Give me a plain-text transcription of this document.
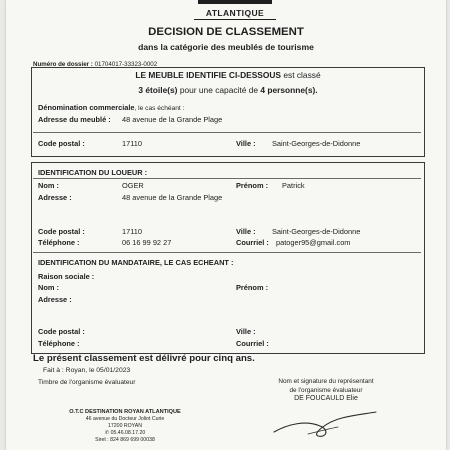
ATLANTIQUE
DECISION DE CLASSEMENT
dans la catégorie des meublés de tourisme
Numéro de dossier : 01704017-33323-0002
LE MEUBLE IDENTIFIE CI-DESSOUS est classé
3 étoile(s) pour une capacité de 4 personne(s).
Dénomination commerciale, le cas échéant :
Adresse du meublé : 48 avenue de la Grande Plage
Code postal :	17110	Ville : Saint-Georges-de-Didonne
IDENTIFICATION DU LOUEUR :
Nom :	OGER	Prénom : Patrick
Adresse :	48 avenue de la Grande Plage
Code postal :	17110	Ville : Saint-Georges-de-Didonne
Téléphone :	06 16 99 92 27	Courriel : patoger95@gmail.com
IDENTIFICATION DU MANDATAIRE, LE CAS ECHEANT :
Raison sociale :
Nom :	Prénom :
Adresse :
Code postal :	Ville :
Téléphone :	Courriel :
Le présent classement est délivré pour cinq ans.
Fait à : Royan, le 05/01/2023
Timbre de l'organisme évaluateur	Nom et signature du représentant
de l'organisme évaluateur
DE FOUCAULD Elie
O.T.C DESTINATION ROYAN ATLANTIQUE
46 avenue du Docteur Joliot Curie
17200 ROYAN
✆ 05.46.08.17.20
Siret : 824 869 699 00038
